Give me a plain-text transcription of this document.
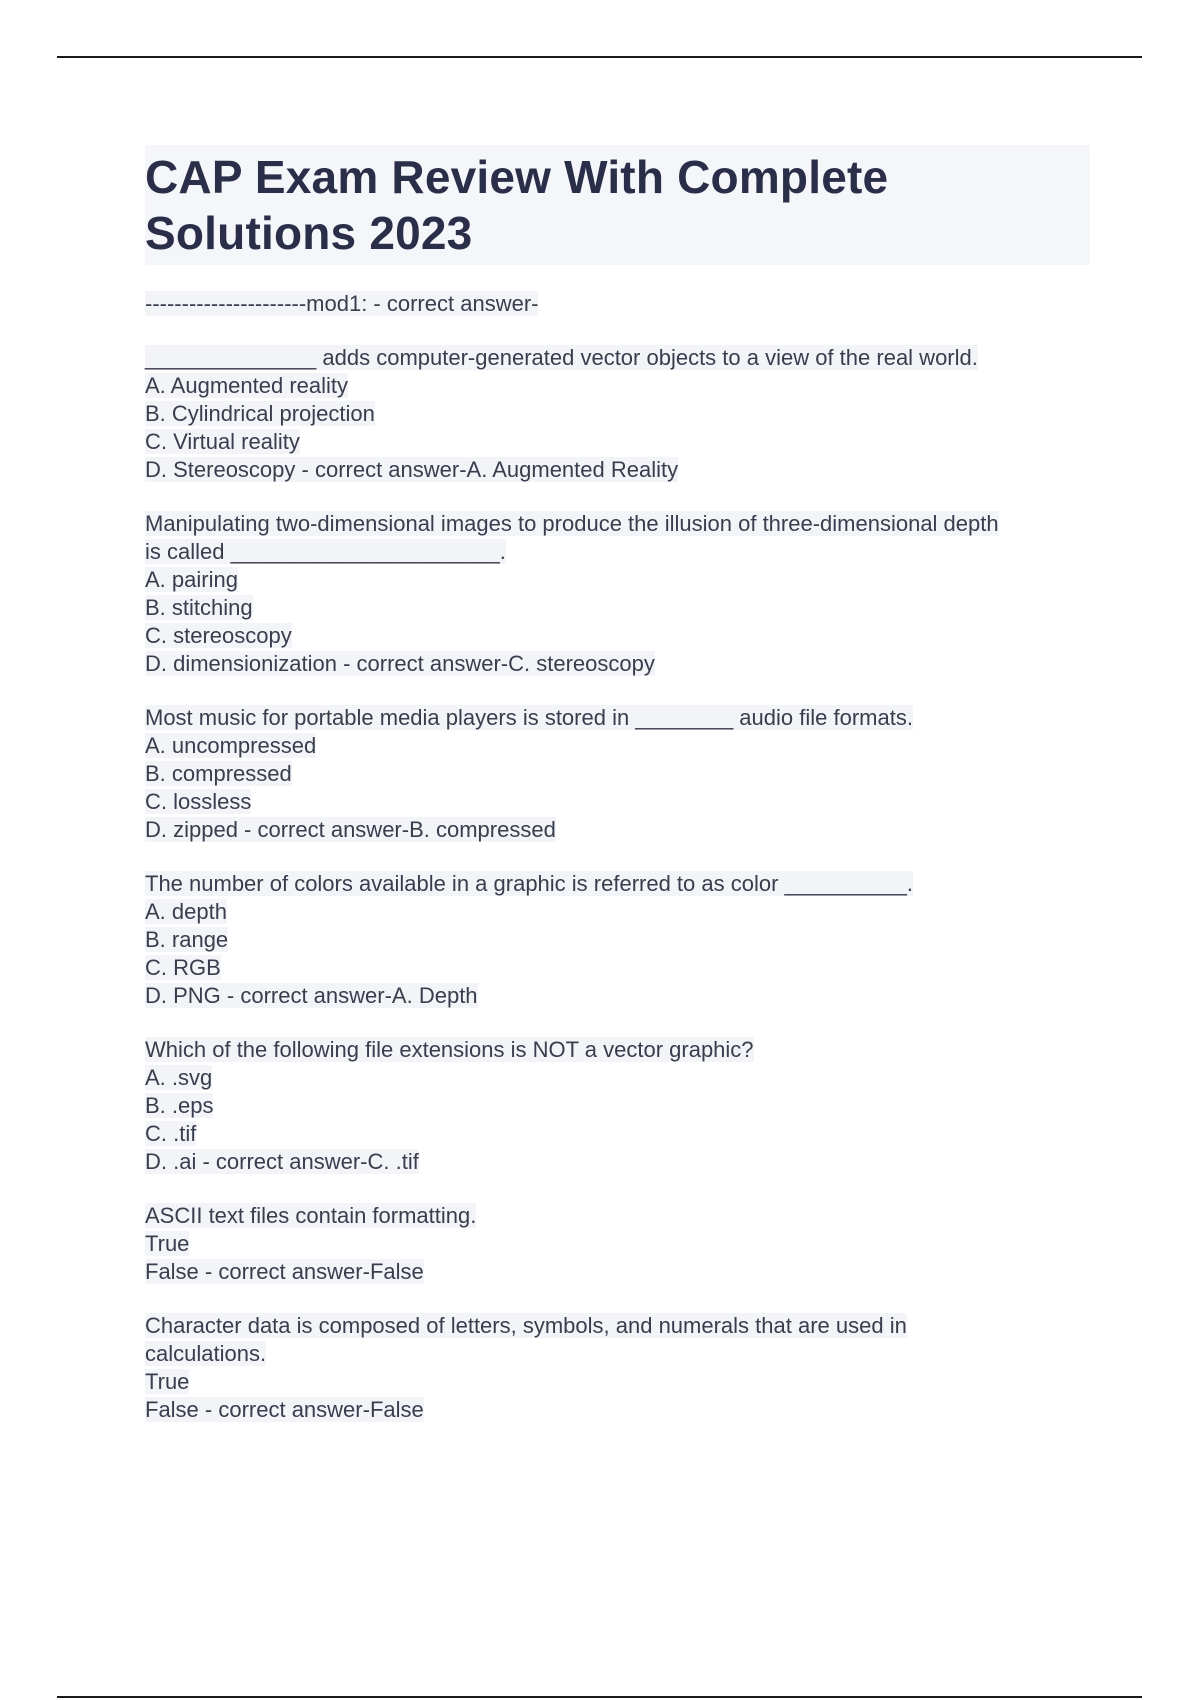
CAP Exam Review With Complete
Solutions 2023
----------------------mod1: - correct answer-
______________ adds computer-generated vector objects to a view of the real world.
A. Augmented reality
B. Cylindrical projection
C. Virtual reality
D. Stereoscopy - correct answer-A. Augmented Reality
Manipulating two-dimensional images to produce the illusion of three-dimensional depth
is called ______________________.
A. pairing
B. stitching
C. stereoscopy
D. dimensionization - correct answer-C. stereoscopy
Most music for portable media players is stored in ________ audio file formats.
A. uncompressed
B. compressed
C. lossless
D. zipped - correct answer-B. compressed
The number of colors available in a graphic is referred to as color __________.
A. depth
B. range
C. RGB
D. PNG - correct answer-A. Depth
Which of the following file extensions is NOT a vector graphic?
A. .svg
B. .eps
C. .tif
D. .ai - correct answer-C. .tif
ASCII text files contain formatting.
True
False - correct answer-False
Character data is composed of letters, symbols, and numerals that are used in
calculations.
True
False - correct answer-False
